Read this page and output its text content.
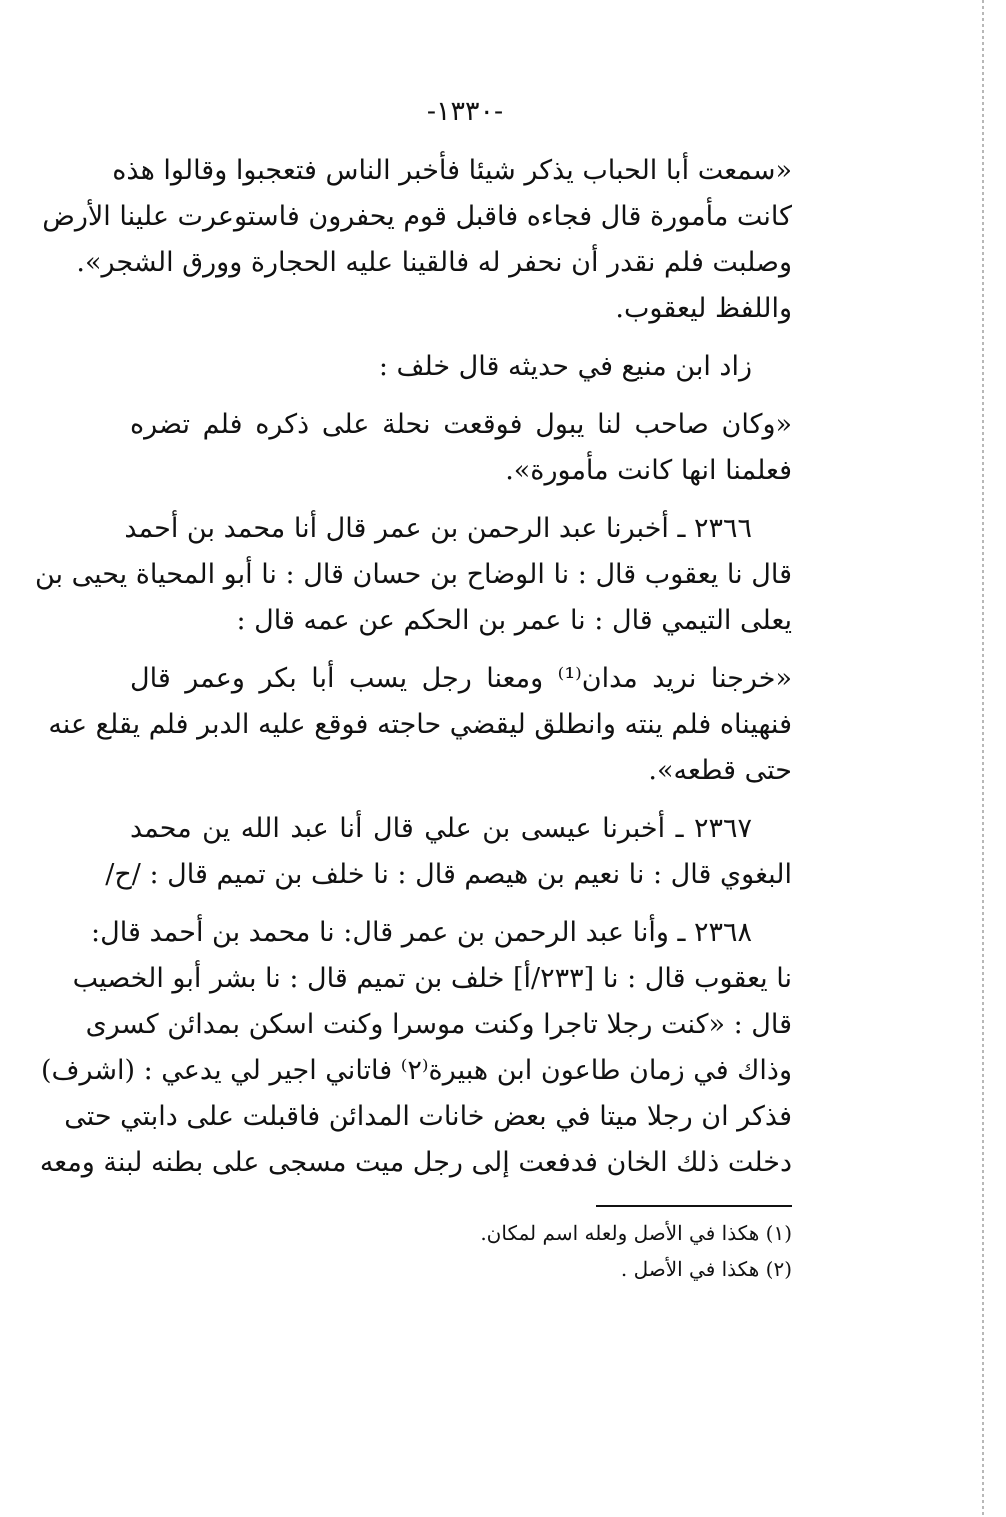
-١٣٣٠-
«سمعت أبا الحباب يذكر شيئا فأخبر الناس فتعجبوا وقالوا هذه
كانت مأمورة قال فجاءه فاقبل قوم يحفرون فاستوعرت علينا الأرض
وصلبت فلم نقدر أن نحفر له فالقينا عليه الحجارة وورق الشجر».
واللفظ ليعقوب.
زاد ابن منيع في حديثه قال خلف :
«وكان صاحب لنا يبول فوقعت نحلة على ذكره فلم تضره
فعلمنا انها كانت مأمورة».
٢٣٦٦ ـ أخبرنا عبد الرحمن بن عمر قال أنا محمد بن أحمد
قال نا يعقوب قال : نا الوضاح بن حسان قال : نا أبو المحياة يحيى بن
يعلى التيمي قال : نا عمر بن الحكم عن عمه قال :
«خرجنا نريد مدان⁽¹⁾ ومعنا رجل يسب أبا بكر وعمر قال
فنهيناه فلم ينته وانطلق ليقضي حاجته فوقع عليه الدبر فلم يقلع عنه
حتى قطعه».
٢٣٦٧ ـ أخبرنا عيسى بن علي قال أنا عبد الله ين محمد
البغوي قال : نا نعيم بن هيصم قال : نا خلف بن تميم قال : /ح/
٢٣٦٨ ـ وأنا عبد الرحمن بن عمر قال: نا محمد بن أحمد قال:
نا يعقوب قال : نا [٢٣٣/أ] خلف بن تميم قال : نا بشر أبو الخصيب
قال : «كنت رجلا تاجرا وكنت موسرا وكنت اسكن بمدائن كسرى
وذاك في زمان طاعون ابن هبيرة⁽٢⁾ فاتاني اجير لي يدعي : (اشرف)
فذكر ان رجلا ميتا في بعض خانات المدائن فاقبلت على دابتي حتى
دخلت ذلك الخان فدفعت إلى رجل ميت مسجى على بطنه لبنة ومعه
(١) هكذا في الأصل ولعله اسم لمكان.
(٢) هكذا في الأصل .
